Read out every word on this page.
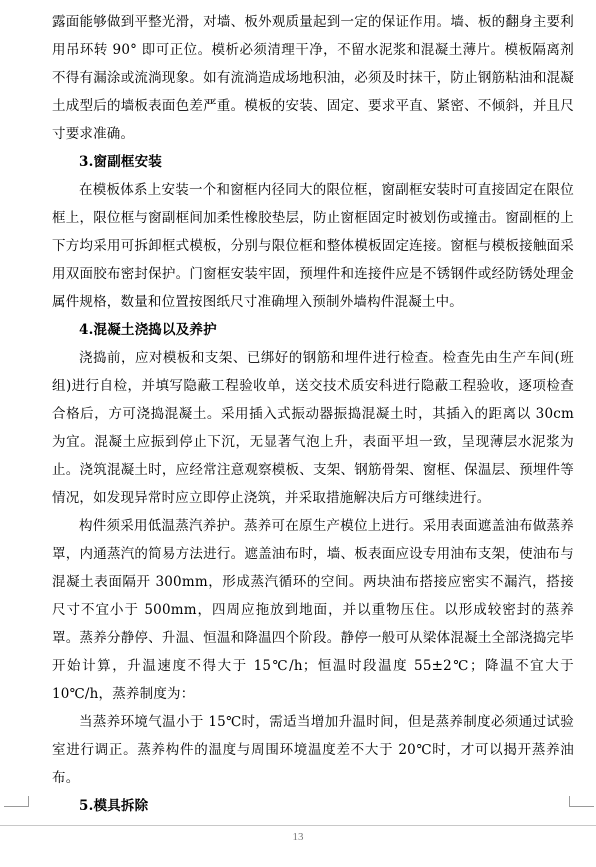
露面能够做到平整光滑，对墙、板外观质量起到一定的保证作用。墙、板的翻身主要利用吊环转 90° 即可正位。模析必须清理干净，不留水泥浆和混凝土薄片。模板隔离剂不得有漏涂或流淌现象。如有流淌造成场地积油，必须及时抹干，防止钢筋粘油和混凝土成型后的墙板表面色差严重。模板的安装、固定、要求平直、紧密、不倾斜，并且尺寸要求准确。

3.窗副框安装

在模板体系上安装一个和窗框内径同大的限位框，窗副框安装时可直接固定在限位框上，限位框与窗副框间加柔性橡胶垫层，防止窗框固定时被划伤或撞击。窗副框的上下方均采用可拆卸框式模板，分别与限位框和整体模板固定连接。窗框与模板接触面采用双面胶布密封保护。门窗框安装牢固，预埋件和连接件应是不锈钢件或经防锈处理金属件规格，数量和位置按图纸尺寸准确埋入预制外墙构件混凝土中。

4.混凝土浇捣以及养护

浇捣前，应对模板和支架、已绑好的钢筋和埋件进行检查。检查先由生产车间(班组)进行自检，并填写隐蔽工程验收单，送交技术质安科进行隐蔽工程验收，逐项检查合格后，方可浇捣混凝土。采用插入式振动器振捣混凝土时，其插入的距离以 30cm 为宜。混凝土应振到停止下沉，无显著气泡上升，表面平坦一致，呈现薄层水泥浆为止。浇筑混凝土时，应经常注意观察模板、支架、钢筋骨架、窗框、保温层、预埋件等情况，如发现异常时应立即停止浇筑，并采取措施解决后方可继续进行。

构件须采用低温蒸汽养护。蒸养可在原生产模位上进行。采用表面遮盖油布做蒸养罩，内通蒸汽的简易方法进行。遮盖油布时，墙、板表面应设专用油布支架，使油布与混凝土表面隔开 300mm，形成蒸汽循环的空间。两块油布搭接应密实不漏汽，搭接尺寸不宜小于 500mm，四周应拖放到地面，并以重物压住。以形成较密封的蒸养罩。蒸养分静停、升温、恒温和降温四个阶段。静停一般可从梁体混凝土全部浇捣完毕开始计算，升温速度不得大于 15℃/h；恒温时段温度 55±2℃；降温不宜大于 10℃/h，蒸养制度为：

当蒸养环境气温小于 15℃时，需适当增加升温时间，但是蒸养制度必须通过试验室进行调正。蒸养构件的温度与周围环境温度差不大于 20℃时，才可以揭开蒸养油布。

5.模具拆除

13
